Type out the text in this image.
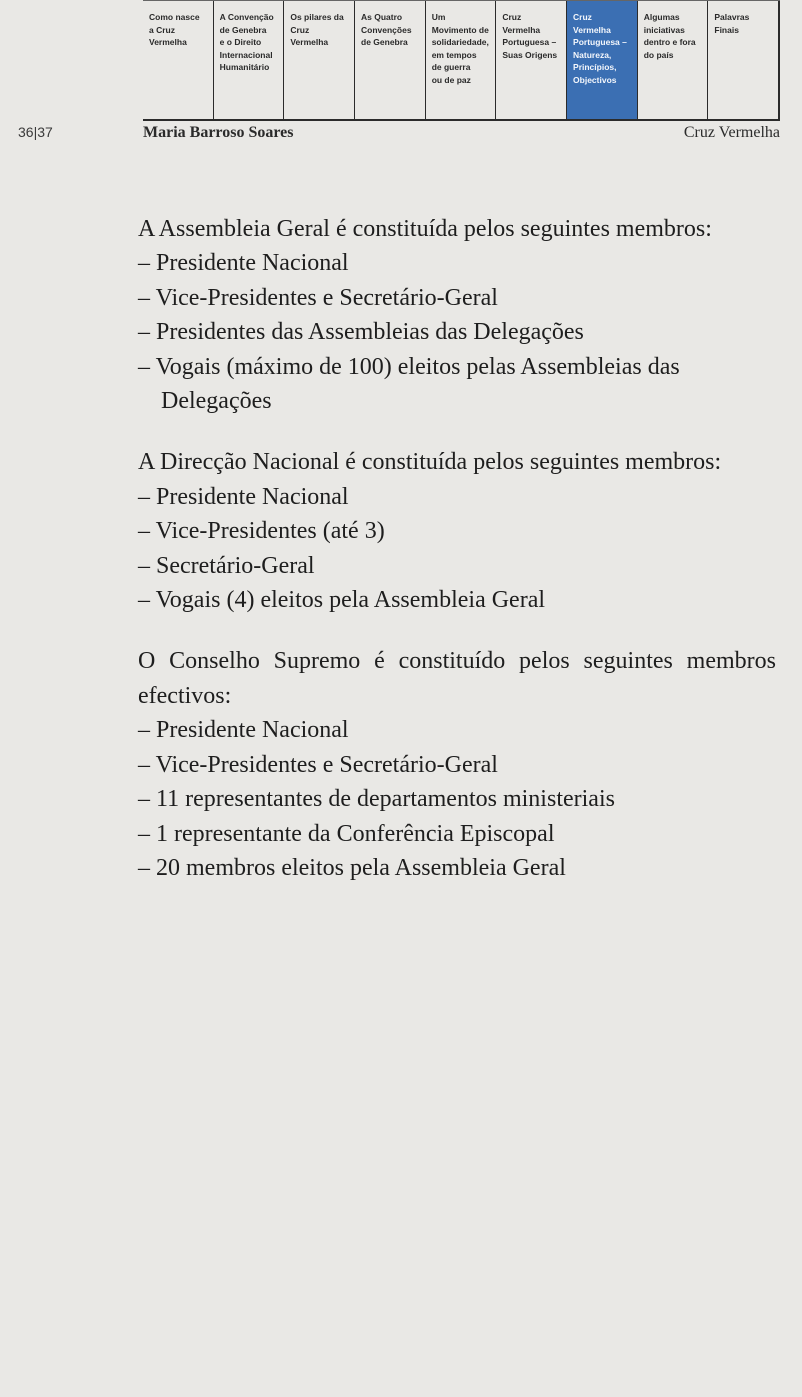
Como nasce
a Cruz
Vermelha
A Convenção
de Genebra
e o Direito
Internacional
Humanitário
Os pilares da
Cruz
Vermelha
As Quatro
Convenções
de Genebra
Um
Movimento de
solidariedade,
em tempos
de guerra
ou de paz
Cruz
Vermelha
Portuguesa –
Suas Origens
Cruz
Vermelha
Portuguesa –
Natureza,
Princípios,
Objectivos
Algumas
iniciativas
dentro e fora
do país
Palavras
Finais
36|37	Maria Barroso Soares	Cruz Vermelha

A Assembleia Geral é constituída pelos seguintes membros:

– Presidente Nacional
– Vice-Presidentes e Secretário-Geral
– Presidentes das Assembleias das Delegações
– Vogais (máximo de 100) eleitos pelas Assembleias das
Delegações

A Direcção Nacional é constituída pelos seguintes membros:

– Presidente Nacional
– Vice-Presidentes (até 3)
– Secretário-Geral
– Vogais (4) eleitos pela Assembleia Geral

O Conselho Supremo é constituído pelos seguintes membros efectivos:

– Presidente Nacional
– Vice-Presidentes e Secretário-Geral
– 11 representantes de departamentos ministeriais
– 1 representante da Conferência Episcopal
– 20 membros eleitos pela Assembleia Geral
